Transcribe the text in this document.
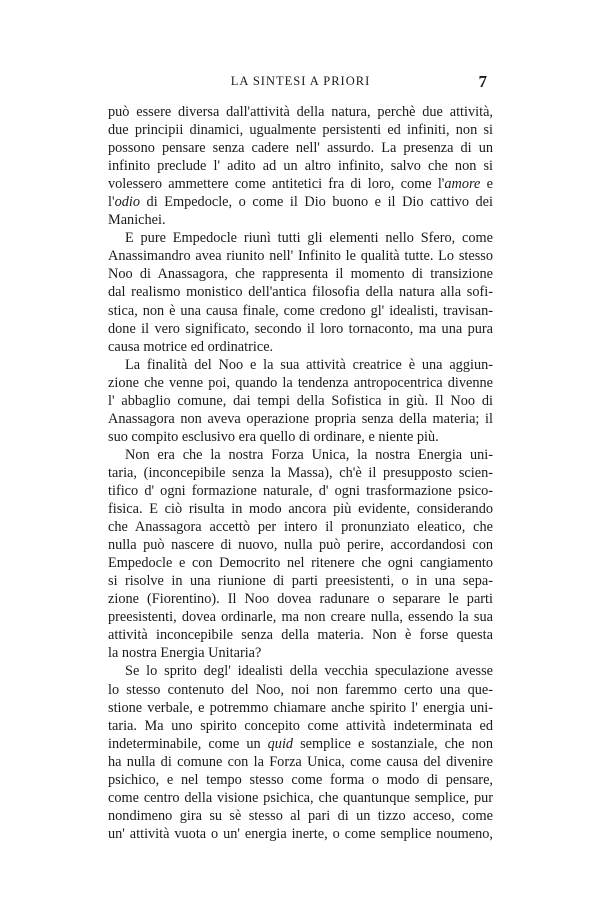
LA SINTESI A PRIORI	7
può essere diversa dall'attività della natura, perchè due attività,
due principii dinamici, ugualmente persistenti ed infiniti, non si
possono pensare senza cadere nell' assurdo. La presenza di un
infinito preclude l' adito ad un altro infinito, salvo che non si
volessero ammettere come antitetici fra di loro, come l'amore e
l'odio di Empedocle, o come il Dio buono e il Dio cattivo dei
Manichei.
E pure Empedocle riunì tutti gli elementi nello Sfero, come
Anassimandro avea riunito nell' Infinito le qualità tutte. Lo stesso
Noo di Anassagora, che rappresenta il momento di transizione
dal realismo monistico dell'antica filosofia della natura alla sofi-
stica, non è una causa finale, come credono gl' idealisti, travisan-
done il vero significato, secondo il loro tornaconto, ma una pura
causa motrice ed ordinatrice.
La finalità del Noo e la sua attività creatrice è una aggiun-
zione che venne poi, quando la tendenza antropocentrica divenne
l' abbaglio comune, dai tempi della Sofistica in giù. Il Noo di
Anassagora non aveva operazione propria senza della materia; il
suo compito esclusivo era quello di ordinare, e niente più.
Non era che la nostra Forza Unica, la nostra Energia uni-
taria, (inconcepibile senza la Massa), ch'è il presupposto scien-
tifico d' ogni formazione naturale, d' ogni trasformazione psico-
fisica. E ciò risulta in modo ancora più evidente, considerando
che Anassagora accettò per intero il pronunziato eleatico, che
nulla può nascere di nuovo, nulla può perire, accordandosi con
Empedocle e con Democrito nel ritenere che ogni cangiamento
si risolve in una riunione di parti preesistenti, o in una sepa-
zione (Fiorentino). Il Noo dovea radunare o separare le parti
preesistenti, dovea ordinarle, ma non creare nulla, essendo la sua
attività inconcepibile senza della materia. Non è forse questa
la nostra Energia Unitaria?
Se lo sprito degl' idealisti della vecchia speculazione avesse
lo stesso contenuto del Noo, noi non faremmo certo una que-
stione verbale, e potremmo chiamare anche spirito l' energia uni-
taria. Ma uno spirito concepito come attività indeterminata ed
indeterminabile, come un quid semplice e sostanziale, che non
ha nulla di comune con la Forza Unica, come causa del divenire
psichico, e nel tempo stesso come forma o modo di pensare,
come centro della visione psichica, che quantunque semplice, pur
nondimeno gira su sè stesso al pari di un tizzo acceso, come
un' attività vuota o un' energia inerte, o come semplice noumeno,
